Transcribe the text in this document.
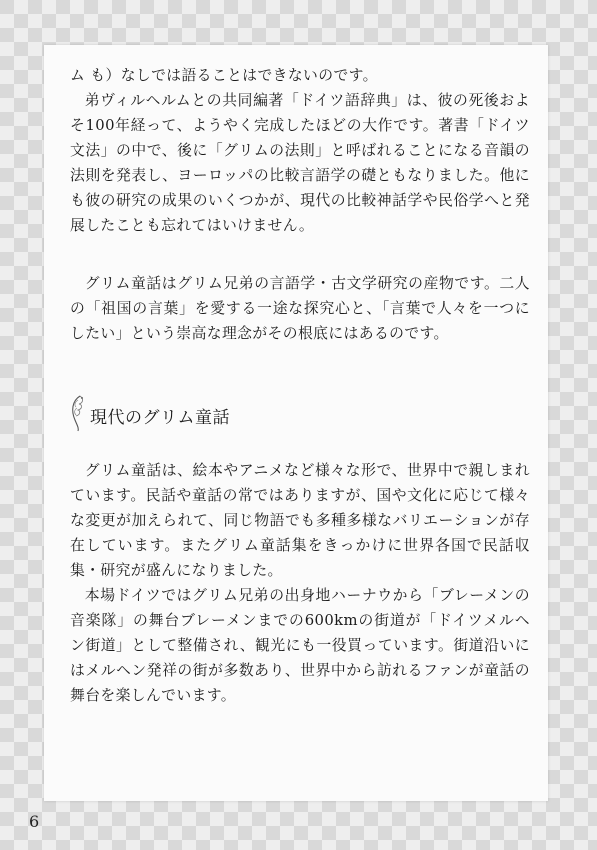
ム も）なしでは語ることはできないのです。

弟ヴィルヘルムとの共同編著「ドイツ語辞典」は、彼の死後およそ100年経って、ようやく完成したほどの大作です。著書「ドイツ文法」の中で、後に「グリムの法則」と呼ばれることになる音韻の法則を発表し、ヨーロッパの比較言語学の礎ともなりました。他にも彼の研究の成果のいくつかが、現代の比較神話学や民俗学へと発展したことも忘れてはいけません。

グリム童話はグリム兄弟の言語学・古文学研究の産物です。二人の「祖国の言葉」を愛する一途な探究心と、「言葉で人々を一つにしたい」という崇高な理念がその根底にはあるのです。

現代のグリム童話

グリム童話は、絵本やアニメなど様々な形で、世界中で親しまれています。民話や童話の常ではありますが、国や文化に応じて様々な変更が加えられて、同じ物語でも多種多様なバリエーションが存在しています。またグリム童話集をきっかけに世界各国で民話収集・研究が盛んになりました。

本場ドイツではグリム兄弟の出身地ハーナウから「ブレーメンの音楽隊」の舞台ブレーメンまでの600kmの街道が「ドイツメルヘン街道」として整備され、観光にも一役買っています。街道沿いにはメルヘン発祥の街が多数あり、世界中から訪れるファンが童話の舞台を楽しんでいます。

6
